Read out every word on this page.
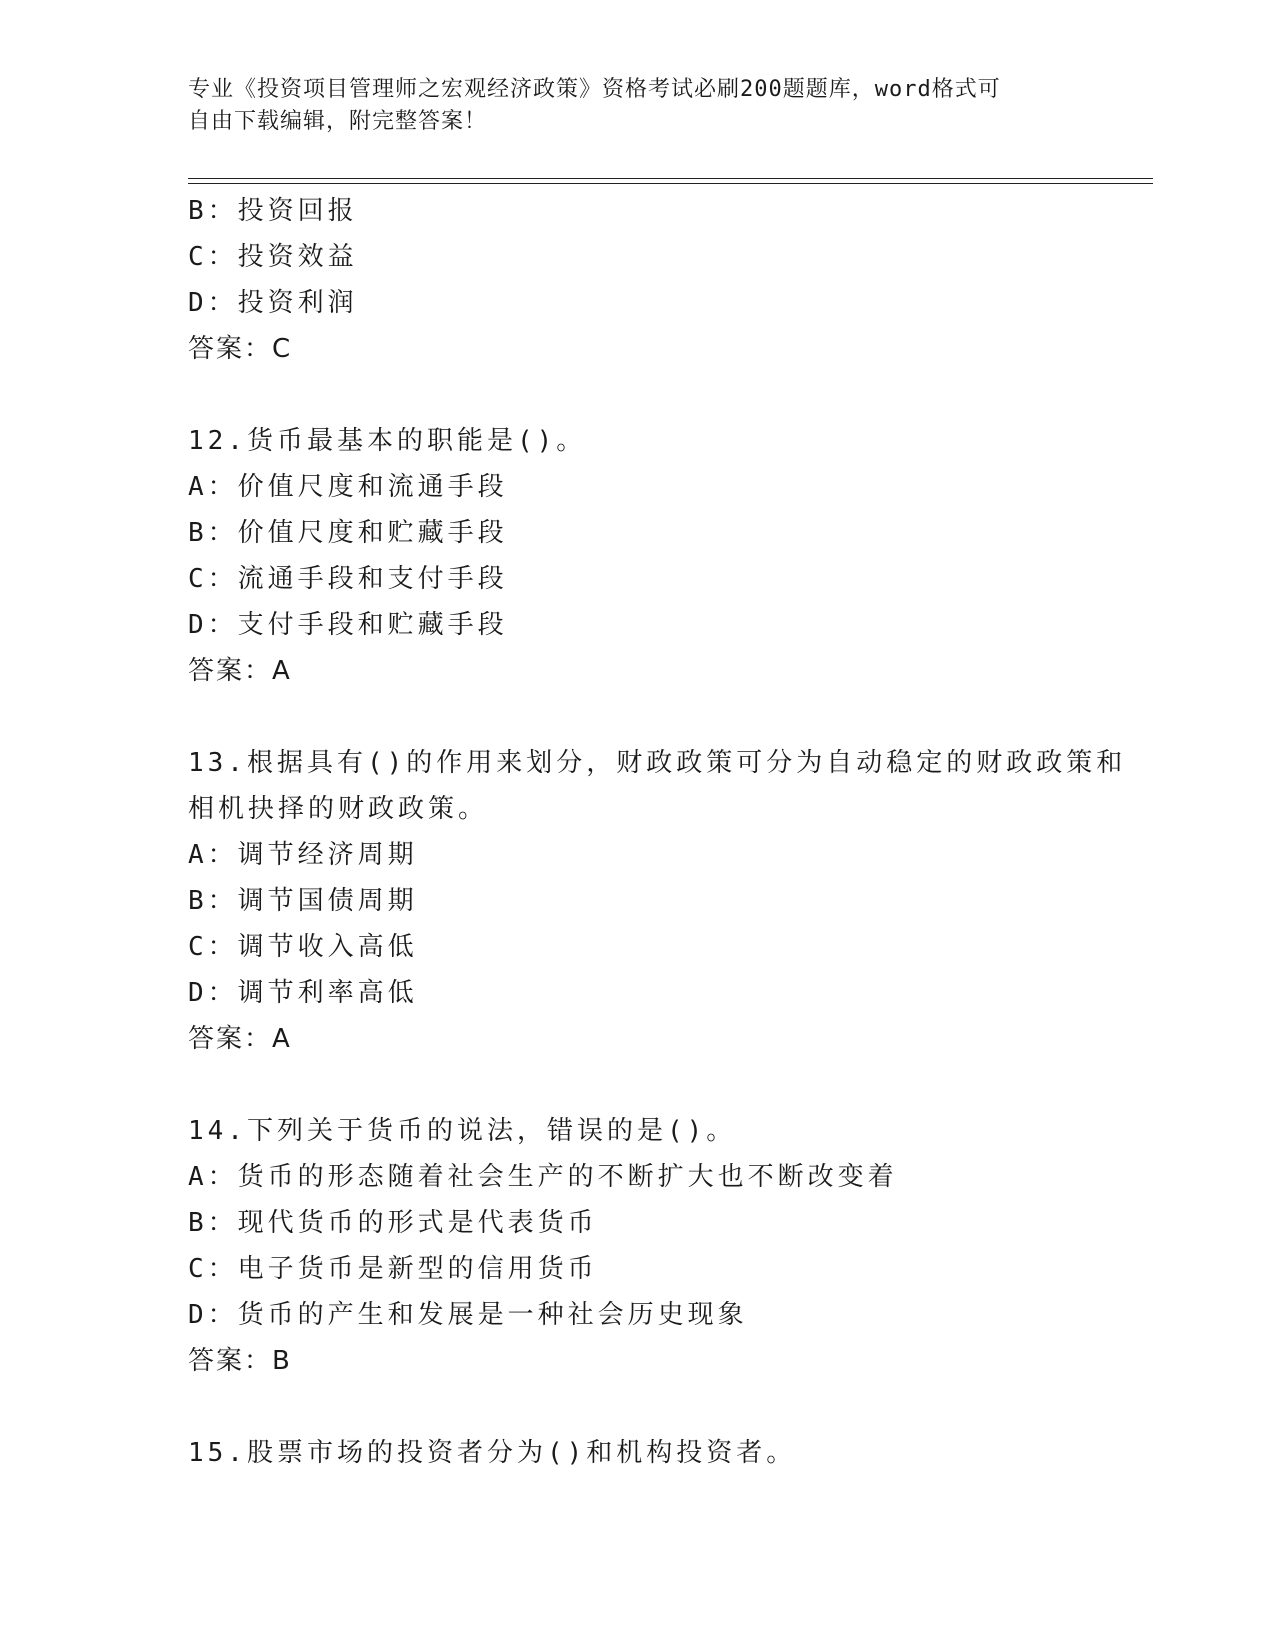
专业《投资项目管理师之宏观经济政策》资格考试必刷200题题库，word格式可
自由下载编辑，附完整答案！
B：投资回报
C：投资效益
D：投资利润
答案：C
12.货币最基本的职能是()。
A：价值尺度和流通手段
B：价值尺度和贮藏手段
C：流通手段和支付手段
D：支付手段和贮藏手段
答案：A
13.根据具有()的作用来划分，财政政策可分为自动稳定的财政政策和
相机抉择的财政政策。
A：调节经济周期
B：调节国债周期
C：调节收入高低
D：调节利率高低
答案：A
14.下列关于货币的说法，错误的是()。
A：货币的形态随着社会生产的不断扩大也不断改变着
B：现代货币的形式是代表货币
C：电子货币是新型的信用货币
D：货币的产生和发展是一种社会历史现象
答案：B
15.股票市场的投资者分为()和机构投资者。
